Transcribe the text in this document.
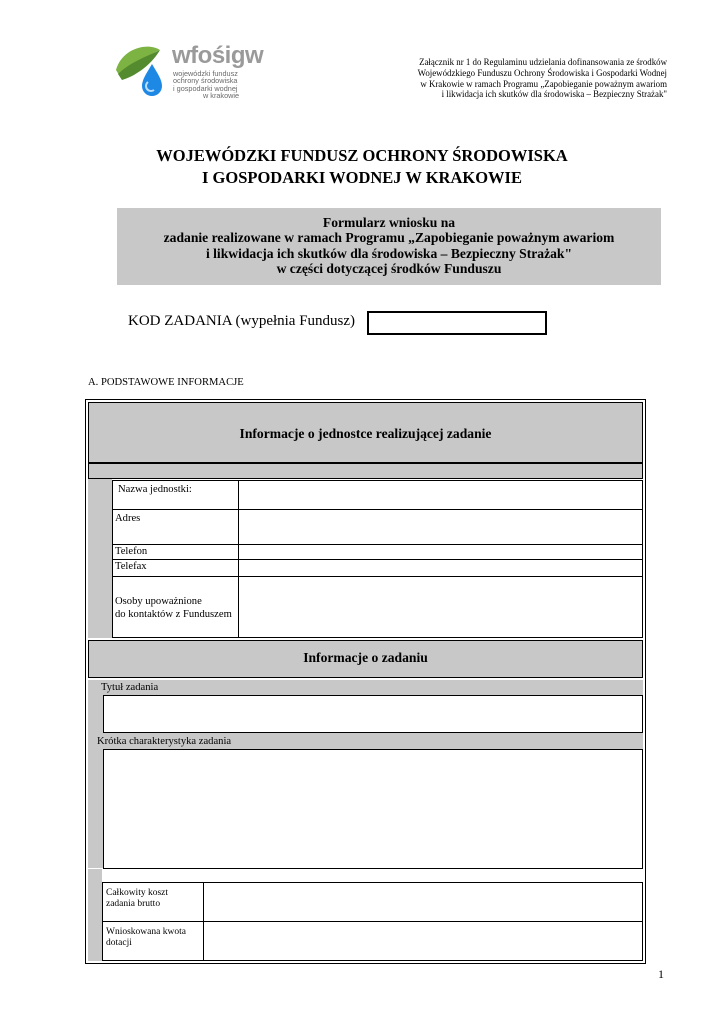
wfośigw
wojewódzki fundusz
ochrony środowiska
i gospodarki wodnej
w krakowie
Załącznik nr 1 do Regulaminu udzielania dofinansowania ze środków
Wojewódzkiego Funduszu Ochrony Środowiska i Gospodarki Wodnej
w Krakowie w ramach Programu „Zapobieganie poważnym awariom
i likwidacja ich skutków dla środowiska – Bezpieczny Strażak"
WOJEWÓDZKI FUNDUSZ OCHRONY ŚRODOWISKA
I GOSPODARKI WODNEJ W KRAKOWIE
Formularz wniosku na
zadanie realizowane w ramach Programu „Zapobieganie poważnym awariom
i likwidacja ich skutków dla środowiska – Bezpieczny Strażak"
w części dotyczącej środków Funduszu
KOD ZADANIA (wypełnia Fundusz)
A. PODSTAWOWE INFORMACJE
Informacje o jednostce realizującej zadanie
Nazwa jednostki:
Adres
Telefon
Telefax
Osoby upoważnione
do kontaktów z Funduszem
Informacje o zadaniu
Tytuł zadania
Krótka charakterystyka zadania
Całkowity koszt
zadania brutto
Wnioskowana kwota
dotacji
1
